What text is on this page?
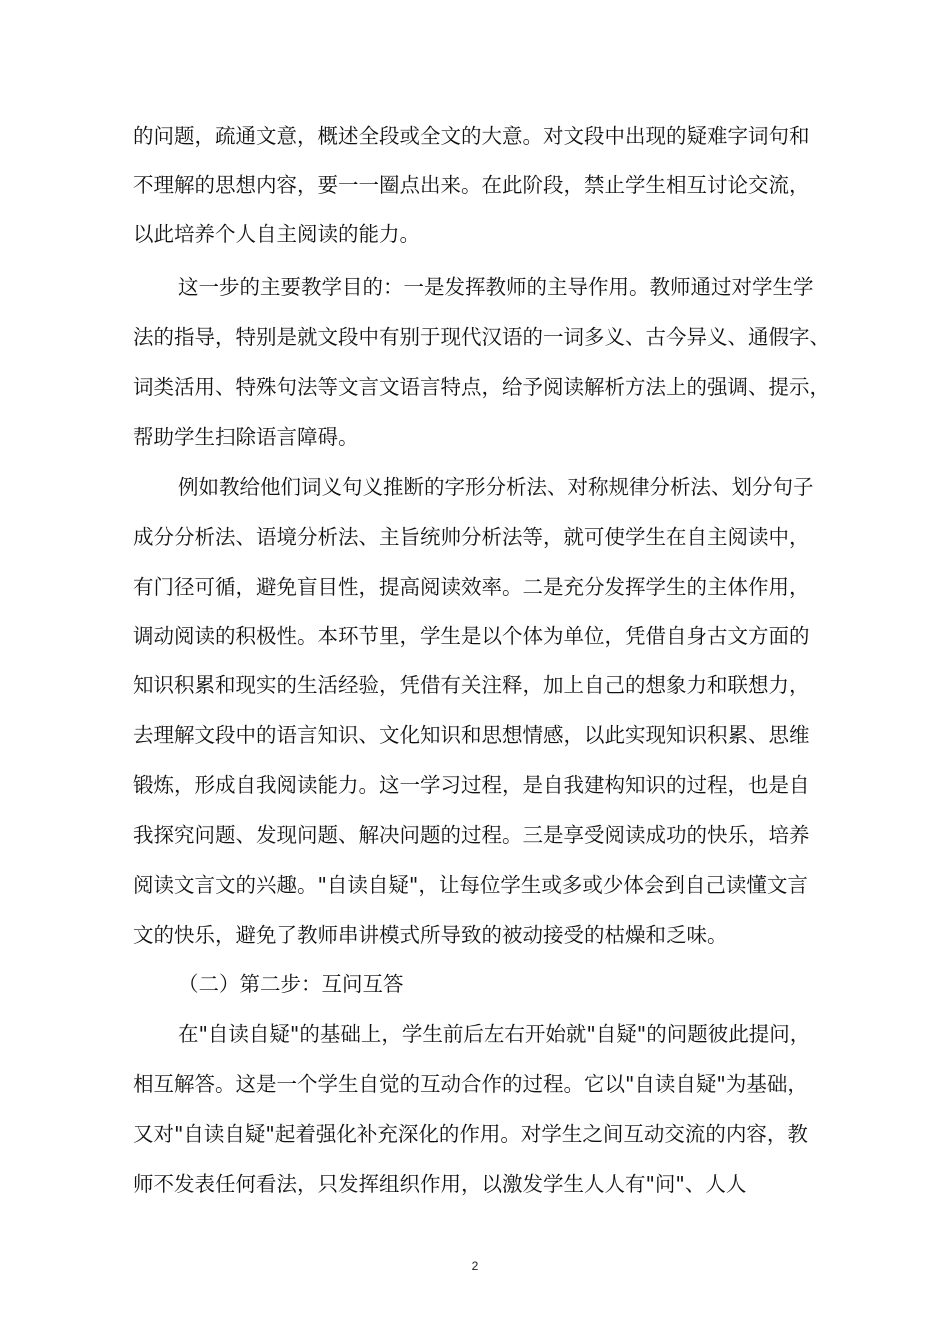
的问题，疏通文意，概述全段或全文的大意。对文段中出现的疑难字词句和
不理解的思想内容，要一一圈点出来。在此阶段，禁止学生相互讨论交流，
以此培养个人自主阅读的能力。
这一步的主要教学目的：一是发挥教师的主导作用。教师通过对学生学
法的指导，特别是就文段中有别于现代汉语的一词多义、古今异义、通假字、
词类活用、特殊句法等文言文语言特点，给予阅读解析方法上的强调、提示，
帮助学生扫除语言障碍。
例如教给他们词义句义推断的字形分析法、对称规律分析法、划分句子
成分分析法、语境分析法、主旨统帅分析法等，就可使学生在自主阅读中，
有门径可循，避免盲目性，提高阅读效率。二是充分发挥学生的主体作用，
调动阅读的积极性。本环节里，学生是以个体为单位，凭借自身古文方面的
知识积累和现实的生活经验，凭借有关注释，加上自己的想象力和联想力，
去理解文段中的语言知识、文化知识和思想情感，以此实现知识积累、思维
锻炼，形成自我阅读能力。这一学习过程，是自我建构知识的过程，也是自
我探究问题、发现问题、解决问题的过程。三是享受阅读成功的快乐，培养
阅读文言文的兴趣。"自读自疑"，让每位学生或多或少体会到自己读懂文言
文的快乐，避免了教师串讲模式所导致的被动接受的枯燥和乏味。
（二）第二步：互问互答
在"自读自疑"的基础上，学生前后左右开始就"自疑"的问题彼此提问，
相互解答。这是一个学生自觉的互动合作的过程。它以"自读自疑"为基础，
又对"自读自疑"起着强化补充深化的作用。对学生之间互动交流的内容，教
师不发表任何看法，只发挥组织作用，以激发学生人人有"问"、人人
2
